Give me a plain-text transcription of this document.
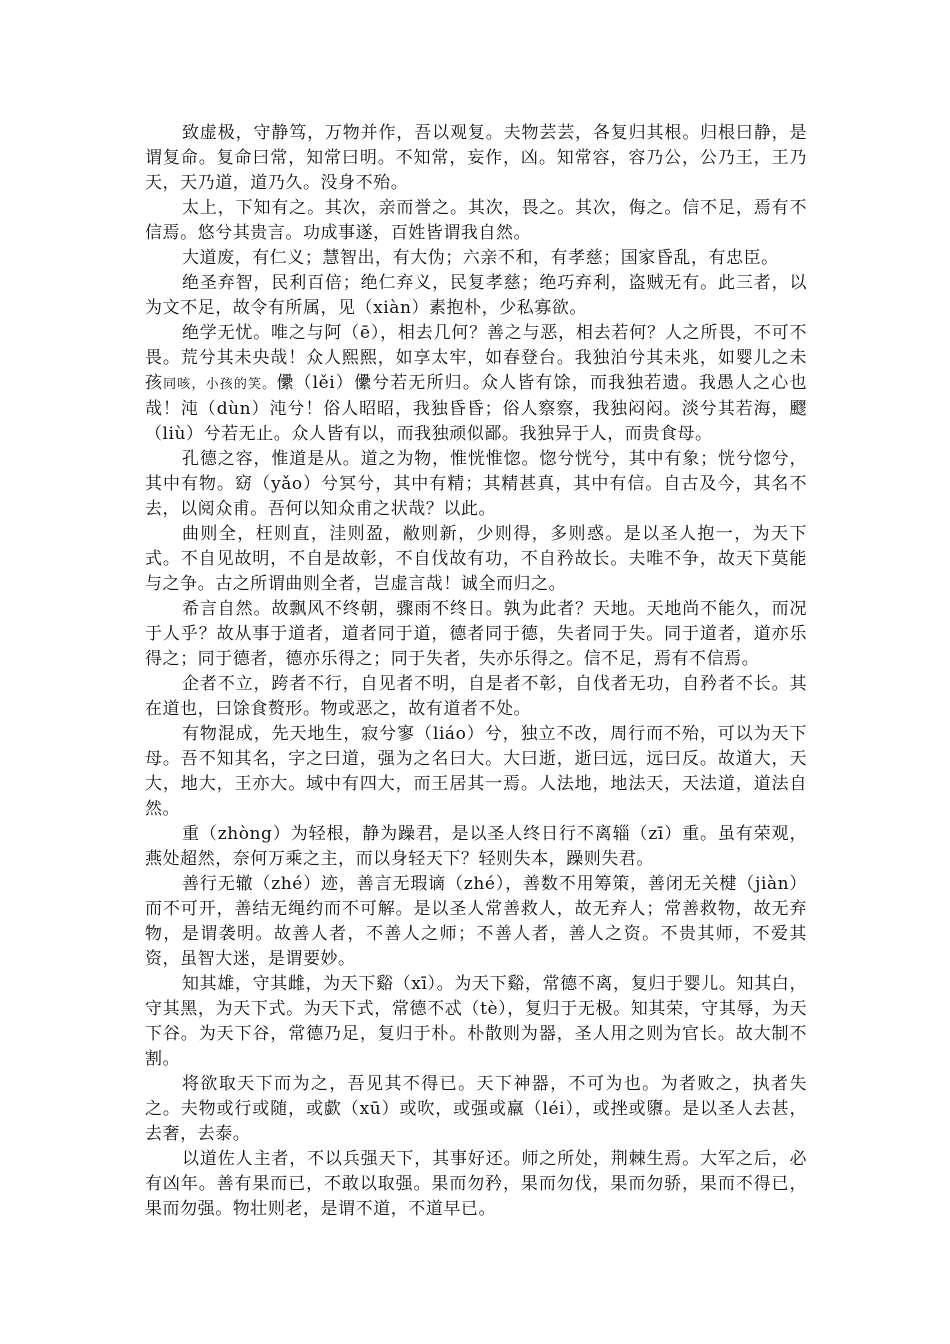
致虚极，守静笃，万物并作，吾以观复。夫物芸芸，各复归其根。归根曰静，是谓复命。复命曰常，知常曰明。不知常，妄作，凶。知常容，容乃公，公乃王，王乃天，天乃道，道乃久。没身不殆。

太上，下知有之。其次，亲而誉之。其次，畏之。其次，侮之。信不足，焉有不信焉。悠兮其贵言。功成事遂，百姓皆谓我自然。

大道废，有仁义；慧智出，有大伪；六亲不和，有孝慈；国家昏乱，有忠臣。

绝圣弃智，民利百倍；绝仁弃义，民复孝慈；绝巧弃利，盗贼无有。此三者，以为文不足，故令有所属，见（xiàn）素抱朴，少私寡欲。

绝学无忧。唯之与阿（ē），相去几何？善之与恶，相去若何？人之所畏，不可不畏。荒兮其未央哉！众人熙熙，如享太牢，如春登台。我独泊兮其未兆，如婴儿之未孩同咳，小孩的笑。儽（lěi）儽兮若无所归。众人皆有馀，而我独若遗。我愚人之心也哉！沌（dùn）沌兮！俗人昭昭，我独昏昏；俗人察察，我独闷闷。淡兮其若海，飂（liù）兮若无止。众人皆有以，而我独顽似鄙。我独异于人，而贵食母。

孔德之容，惟道是从。道之为物，惟恍惟惚。惚兮恍兮，其中有象；恍兮惚兮，其中有物。窈（yǎo）兮冥兮，其中有精；其精甚真，其中有信。自古及今，其名不去，以阅众甫。吾何以知众甫之状哉？以此。

曲则全，枉则直，洼则盈，敝则新，少则得，多则惑。是以圣人抱一，为天下式。不自见故明，不自是故彰，不自伐故有功，不自矜故长。夫唯不争，故天下莫能与之争。古之所谓曲则全者，岂虚言哉！诚全而归之。

希言自然。故飘风不终朝，骤雨不终日。孰为此者？天地。天地尚不能久，而况于人乎？故从事于道者，道者同于道，德者同于德，失者同于失。同于道者，道亦乐得之；同于德者，德亦乐得之；同于失者，失亦乐得之。信不足，焉有不信焉。

企者不立，跨者不行，自见者不明，自是者不彰，自伐者无功，自矜者不长。其在道也，曰馀食赘形。物或恶之，故有道者不处。

有物混成，先天地生，寂兮寥（liáo）兮，独立不改，周行而不殆，可以为天下母。吾不知其名，字之曰道，强为之名曰大。大曰逝，逝曰远，远曰反。故道大，天大，地大，王亦大。域中有四大，而王居其一焉。人法地，地法天，天法道，道法自然。

重（zhòng）为轻根，静为躁君，是以圣人终日行不离辎（zī）重。虽有荣观，燕处超然，奈何万乘之主，而以身轻天下？轻则失本，躁则失君。

善行无辙（zhé）迹，善言无瑕谪（zhé），善数不用筹策，善闭无关楗（jiàn）而不可开，善结无绳约而不可解。是以圣人常善救人，故无弃人；常善救物，故无弃物，是谓袭明。故善人者，不善人之师；不善人者，善人之资。不贵其师，不爱其资，虽智大迷，是谓要妙。

知其雄，守其雌，为天下谿（xī）。为天下谿，常德不离，复归于婴儿。知其白，守其黑，为天下式。为天下式，常德不忒（tè），复归于无极。知其荣，守其辱，为天下谷。为天下谷，常德乃足，复归于朴。朴散则为器，圣人用之则为官长。故大制不割。

将欲取天下而为之，吾见其不得已。天下神器，不可为也。为者败之，执者失之。夫物或行或随，或歔（xū）或吹，或强或羸（léi），或挫或隳。是以圣人去甚，去奢，去泰。

以道佐人主者，不以兵强天下，其事好还。师之所处，荆棘生焉。大军之后，必有凶年。善有果而已，不敢以取强。果而勿矜，果而勿伐，果而勿骄，果而不得已，果而勿强。物壮则老，是谓不道，不道早已。
